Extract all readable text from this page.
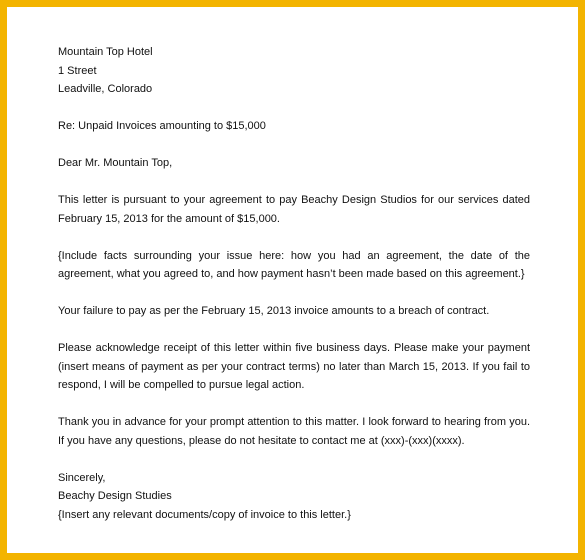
Mountain Top Hotel

1 Street

Leadville, Colorado

Re: Unpaid Invoices amounting to $15,000

Dear Mr. Mountain Top,

This letter is pursuant to your agreement to pay Beachy Design Studios for our services dated February 15, 2013 for the amount of $15,000.

{Include facts surrounding your issue here: how you had an agreement, the date of the agreement, what you agreed to, and how payment hasn’t been made based on this agreement.}

Your failure to pay as per the February 15, 2013 invoice amounts to a breach of contract.

Please acknowledge receipt of this letter within five business days. Please make your payment (insert means of payment as per your contract terms) no later than March 15, 2013. If you fail to respond, I will be compelled to pursue legal action.

Thank you in advance for your prompt attention to this matter. I look forward to hearing from you. If you have any questions, please do not hesitate to contact me at (xxx)-(xxx)(xxxx).

Sincerely,

Beachy Design Studies

{Insert any relevant documents/copy of invoice to this letter.}
